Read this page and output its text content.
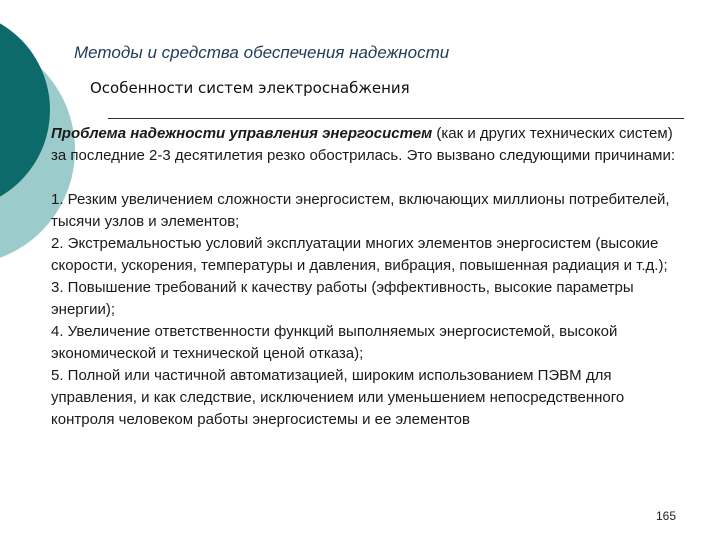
Методы и средства обеспечения надежности
Особенности систем электроснабжения

Проблема надежности управления энергосистем (как и других технических систем) за последние 2-3 десятилетия резко обострилась. Это вызвано следующими причинами:

1. Резким увеличением сложности энергосистем, включающих миллионы потребителей, тысячи узлов и элементов;
2. Экстремальностью условий эксплуатации многих элементов энергосистем (высокие скорости, ускорения, температуры и давления, вибрация, повышенная радиация и т.д.);
3. Повышение требований к качеству работы (эффективность, высокие параметры энергии);
4. Увеличение ответственности функций выполняемых энергосистемой, высокой экономической и технической ценой отказа);
5. Полной или частичной автоматизацией, широким использованием ПЭВМ для управления, и как следствие, исключением или уменьшением непосредственного контроля человеком работы энергосистемы и ее элементов

165
